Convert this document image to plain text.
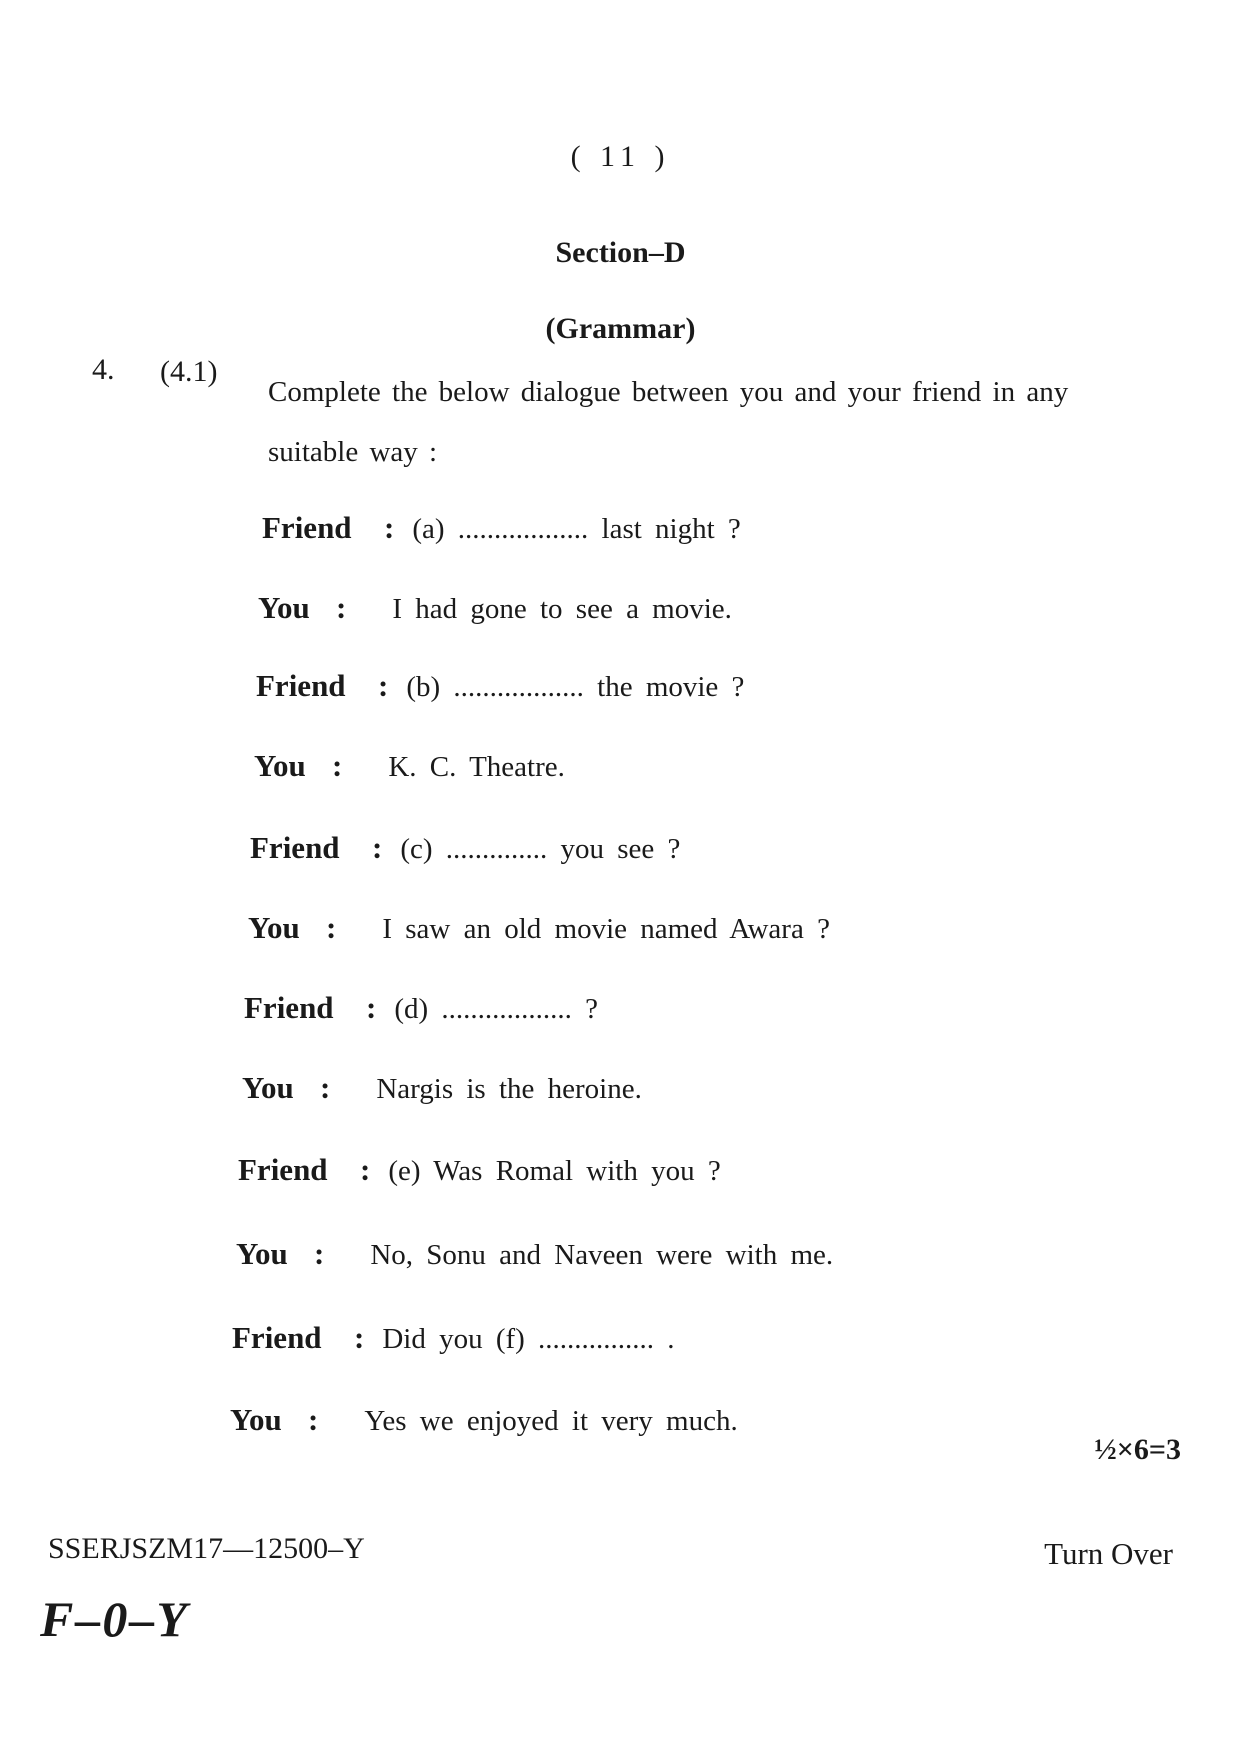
( 11 )
Section–D
(Grammar)
4. (4.1)
Complete the below dialogue between you and your friend in any suitable way :
Friend	: (a) .................. last night ?
You : I had gone to see a movie.
Friend	: (b) .................. the movie ?
You : K. C. Theatre.
Friend	: (c) .............. you see ?
You : I saw an old movie named Awara ?
Friend	: (d) .................. ?
You : Nargis is the heroine.
Friend	: (e) Was Romal with you ?
You : No, Sonu and Naveen were with me.
Friend	: Did you (f) ................ .
You : Yes we enjoyed it very much.
½×6=3
SSERJSZM17—12500–Y	Turn Over
F–0–Y
